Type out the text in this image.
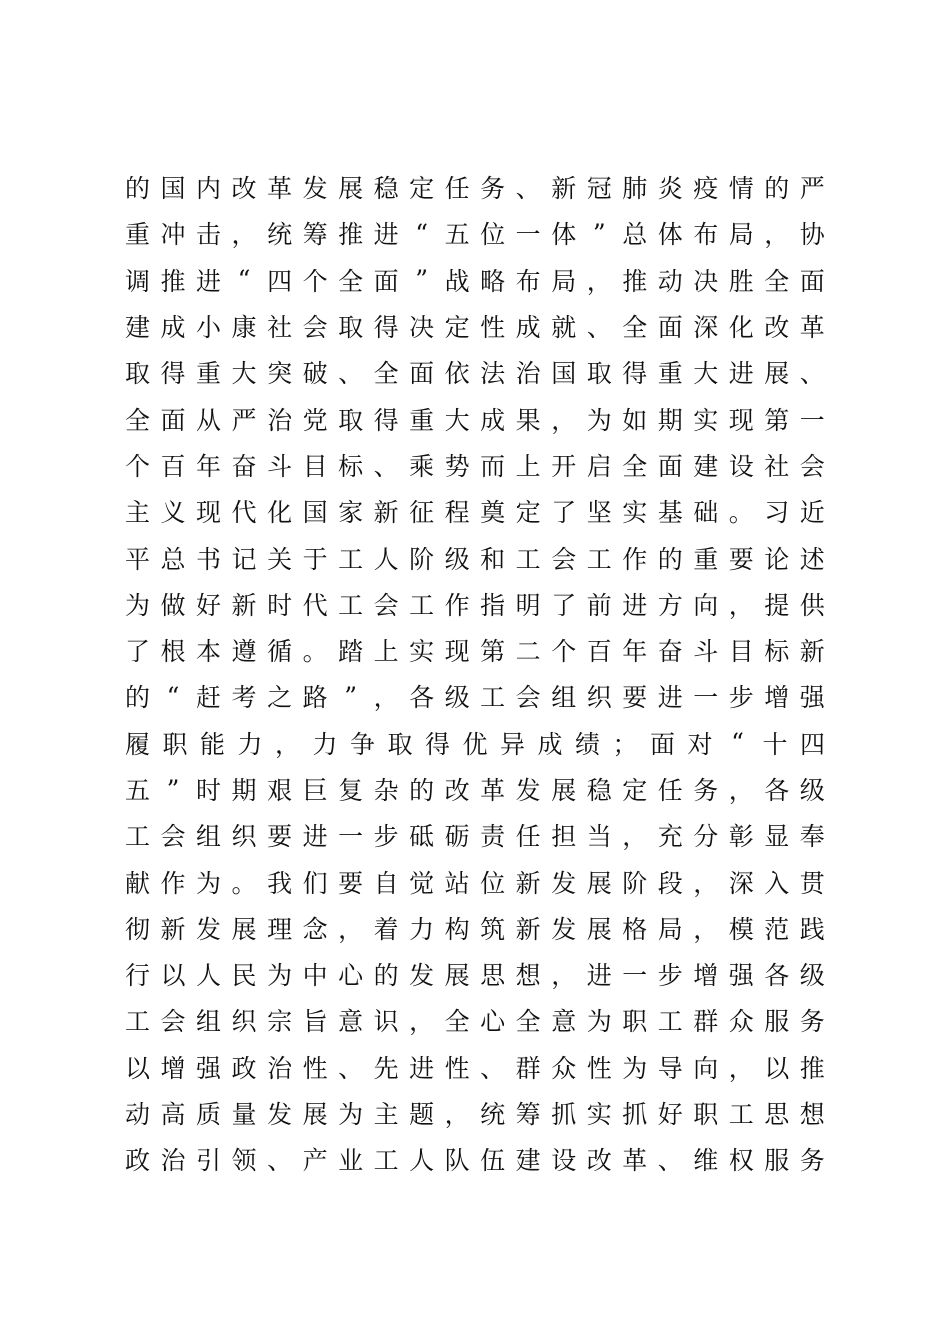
的 国 内 改 革 发 展 稳 定 任 务 、 新 冠 肺 炎 疫 情 的 严
重 冲 击 ， 统 筹 推 进 “ 五 位 一 体 ” 总 体 布 局 ， 协
调 推 进 “ 四 个 全 面 ” 战 略 布 局 ， 推 动 决 胜 全 面
建 成 小 康 社 会 取 得 决 定 性 成 就 、 全 面 深 化 改 革
取 得 重 大 突 破 、 全 面 依 法 治 国 取 得 重 大 进 展 、
全 面 从 严 治 党 取 得 重 大 成 果 ， 为 如 期 实 现 第 一
个 百 年 奋 斗 目 标 、 乘 势 而 上 开 启 全 面 建 设 社 会
主 义 现 代 化 国 家 新 征 程 奠 定 了 坚 实 基 础 。 习 近
平 总 书 记 关 于 工 人 阶 级 和 工 会 工 作 的 重 要 论 述
为 做 好 新 时 代 工 会 工 作 指 明 了 前 进 方 向 ， 提 供
了 根 本 遵 循 。 踏 上 实 现 第 二 个 百 年 奋 斗 目 标 新
的 “ 赶 考 之 路 ” ， 各 级 工 会 组 织 要 进 一 步 增 强
履 职 能 力 ， 力 争 取 得 优 异 成 绩 ； 面 对 “ 十 四
五 ” 时 期 艰 巨 复 杂 的 改 革 发 展 稳 定 任 务 ， 各 级
工 会 组 织 要 进 一 步 砥 砺 责 任 担 当 ， 充 分 彰 显 奉
献 作 为 。 我 们 要 自 觉 站 位 新 发 展 阶 段 ， 深 入 贯
彻 新 发 展 理 念 ， 着 力 构 筑 新 发 展 格 局 ， 模 范 践
行 以 人 民 为 中 心 的 发 展 思 想 ， 进 一 步 增 强 各 级
工 会 组 织 宗 旨 意 识 ， 全 心 全 意 为 职 工 群 众 服 务
以 增 强 政 治 性 、 先 进 性 、 群 众 性 为 导 向 ， 以 推
动 高 质 量 发 展 为 主 题 ， 统 筹 抓 实 抓 好 职 工 思 想
政 治 引 领 、 产 业 工 人 队 伍 建 设 改 革 、 维 权 服 务
